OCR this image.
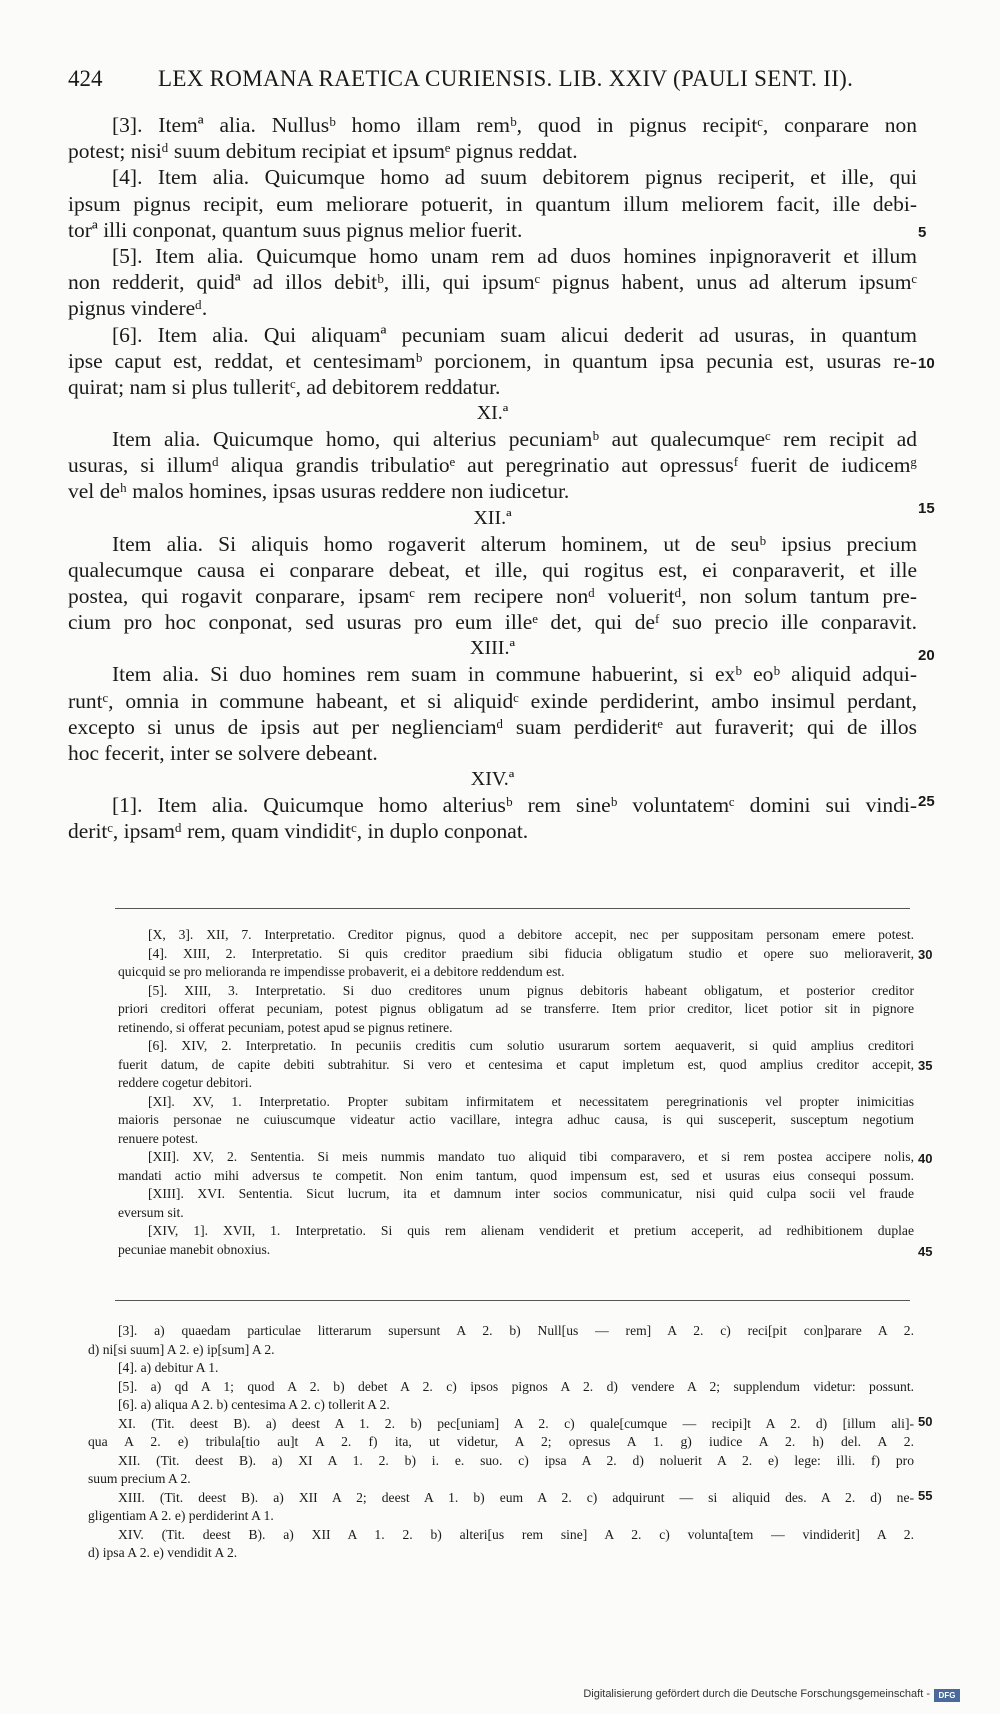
424 LEX ROMANA RAETICA CURIENSIS. LIB. XXIV (PAULI SENT. II).
[3]. Itemª alia. Nullusᵇ homo illam remᵇ, quod in pignus recipitᶜ, conparare non
potest; nisiᵈ suum debitum recipiat et ipsumᵉ pignus reddat.
[4]. Item alia. Quicumque homo ad suum debitorem pignus reciperit, et ille, qui
ipsum pignus recipit, eum meliorare potuerit, in quantum illum meliorem facit, ille debi-
torª illi conponat, quantum suus pignus melior fuerit.
[5]. Item alia. Quicumque homo unam rem ad duos homines inpignoraverit et illum
non redderit, quidª ad illos debitᵇ, illi, qui ipsumᶜ pignus habent, unus ad alterum ipsumᶜ
pignus vindereᵈ.
[6]. Item alia. Qui aliquamª pecuniam suam alicui dederit ad usuras, in quantum
ipse caput est, reddat, et centesimamᵇ porcionem, in quantum ipsa pecunia est, usuras re-
quirat; nam si plus tulleritᶜ, ad debitorem reddatur.

XI.ª

Item alia. Quicumque homo, qui alterius pecuniamᵇ aut qualecumqueᶜ rem recipit ad
usuras, si illumᵈ aliqua grandis tribulatioᵉ aut peregrinatio aut opressusᶠ fuerit de iudicemᵍ
vel deʰ malos homines, ipsas usuras reddere non iudicetur.

XII.ª

Item alia. Si aliquis homo rogaverit alterum hominem, ut de seuᵇ ipsius precium
qualecumque causa ei conparare debeat, et ille, qui rogitus est, ei conparaverit, et ille
postea, qui rogavit conparare, ipsamᶜ rem recipere nonᵈ volueritᵈ, non solum tantum pre-
cium pro hoc conponat, sed usuras pro eum illeᵉ det, qui deᶠ suo precio ille conparavit.

XIII.ª

Item alia. Si duo homines rem suam in commune habuerint, si exᵇ eoᵇ aliquid adqui-
runtᶜ, omnia in commune habeant, et si aliquidᶜ exinde perdiderint, ambo insimul perdant,
excepto si unus de ipsis aut per neglienciamᵈ suam perdideritᵉ aut furaverit; qui de illos
hoc fecerit, inter se solvere debeant.

XIV.ª

[1]. Item alia. Quicumque homo alteriusᵇ rem sineᵇ voluntatemᶜ domini sui vindi-
deritᶜ, ipsamᵈ rem, quam vindiditᶜ, in duplo conponat.
5
10
15
20
25
[X, 3]. XII, 7. Interpretatio. Creditor pignus, quod a debitore accepit, nec per suppositam personam emere potest.
[4]. XIII, 2. Interpretatio. Si quis creditor praedium sibi fiducia obligatum studio et opere suo melioraverit,
quicquid se pro melioranda re impendisse probaverit, ei a debitore reddendum est.
[5]. XIII, 3. Interpretatio. Si duo creditores unum pignus debitoris habeant obligatum, et posterior creditor
priori creditori offerat pecuniam, potest pignus obligatum ad se transferre. Item prior creditor, licet potior sit in pignore
retinendo, si offerat pecuniam, potest apud se pignus retinere.
[6]. XIV, 2. Interpretatio. In pecuniis creditis cum solutio usurarum sortem aequaverit, si quid amplius creditori
fuerit datum, de capite debiti subtrahitur. Si vero et centesima et caput impletum est, quod amplius creditor accepit,
reddere cogetur debitori.
[XI]. XV, 1. Interpretatio. Propter subitam infirmitatem et necessitatem peregrinationis vel propter inimicitias
maioris personae ne cuiuscumque videatur actio vacillare, integra adhuc causa, is qui susceperit, susceptum negotium
renuere potest.
[XII]. XV, 2. Sententia. Si meis nummis mandato tuo aliquid tibi comparavero, et si rem postea accipere nolis,
mandati actio mihi adversus te competit. Non enim tantum, quod impensum est, sed et usuras eius consequi possum.
[XIII]. XVI. Sententia. Sicut lucrum, ita et damnum inter socios communicatur, nisi quid culpa socii vel fraude
eversum sit.
[XIV, 1]. XVII, 1. Interpretatio. Si quis rem alienam vendiderit et pretium acceperit, ad redhibitionem duplae
pecuniae manebit obnoxius.
30
35
40
45
[3]. a) quaedam particulae litterarum supersunt A 2. b) Null[us — rem] A 2. c) reci[pit con]parare A 2.
d) ni[si suum] A 2. e) ip[sum] A 2.
[4]. a) debitur A 1.
[5]. a) qd A 1; quod A 2. b) debet A 2. c) ipsos pignos A 2. d) vendere A 2; supplendum videtur: possunt.
[6]. a) aliqua A 2. b) centesima A 2. c) tollerit A 2.
XI. (Tit. deest B). a) deest A 1. 2. b) pec[uniam] A 2. c) quale[cumque — recipi]t A 2. d) [illum ali]-
qua A 2. e) tribula[tio au]t A 2. f) ita, ut videtur, A 2; opresus A 1. g) iudice A 2. h) del. A 2.
XII. (Tit. deest B). a) XI A 1. 2. b) i. e. suo. c) ipsa A 2. d) noluerit A 2. e) lege: illi. f) pro
suum precium A 2.
XIII. (Tit. deest B). a) XII A 2; deest A 1. b) eum A 2. c) adquirunt — si aliquid des. A 2. d) ne-
gligentiam A 2. e) perdiderint A 1.
XIV. (Tit. deest B). a) XII A 1. 2. b) alteri[us rem sine] A 2. c) volunta[tem — vindiderit] A 2.
d) ipsa A 2. e) vendidit A 2.
50
55
Digitalisierung gefördert durch die Deutsche Forschungsgemeinschaft -	DFG
